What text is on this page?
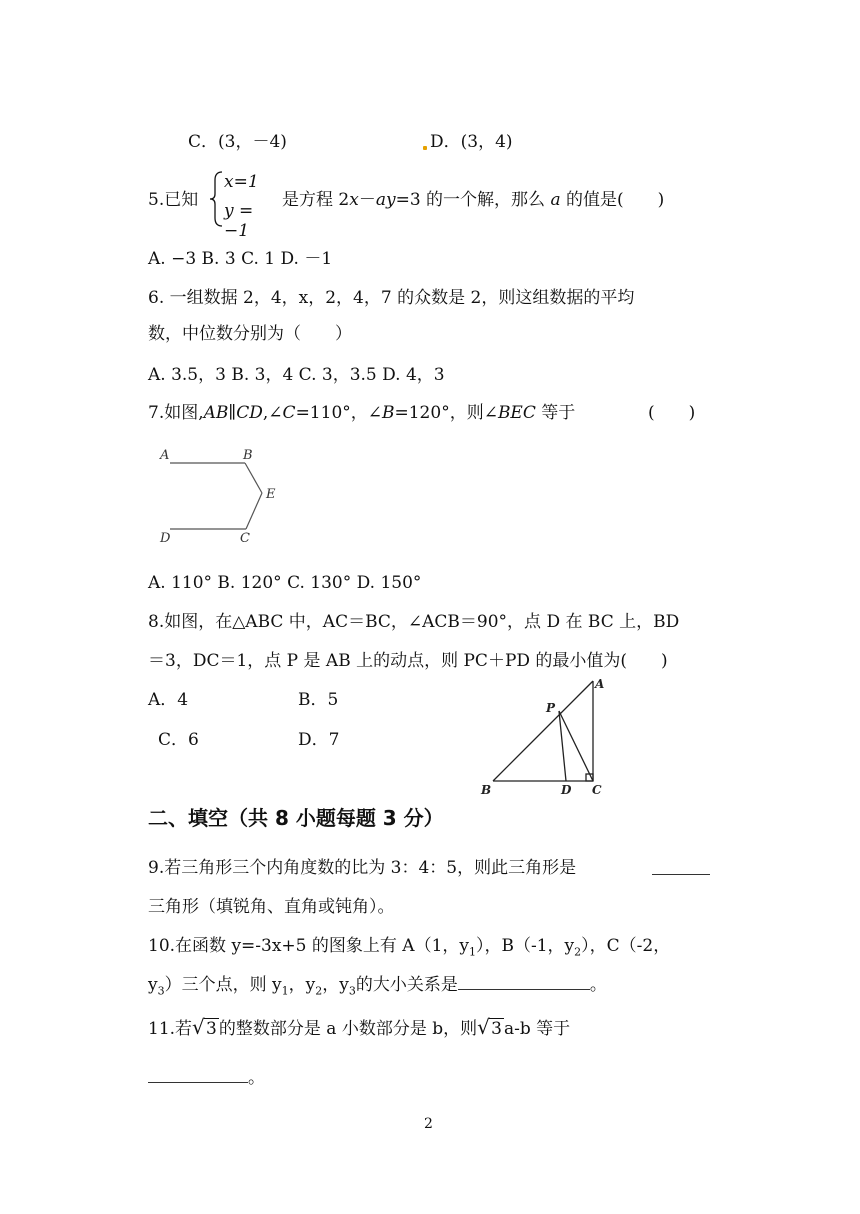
C．(3，－4)	D．(3，4)
5.已知
x=1
y = −1
是方程 2x－ay=3 的一个解，那么 a 的值是(　　)
A. −3 B. 3 C. 1 D. －1
6. 一组数据 2，4，x，2，4，7 的众数是 2，则这组数据的平均
数，中位数分别为（　　）
A. 3.5，3 B. 3，4 C. 3，3.5 D. 4，3
7.如图,AB∥CD,∠C=110°，∠B=120°，则∠BEC 等于	(　　)
A	B
E
D	C
A. 110° B. 120° C. 130° D. 150°
8.如图，在△ABC 中，AC＝BC，∠ACB＝90°，点 D 在 BC 上，BD
＝3，DC＝1，点 P 是 AB 上的动点，则 PC＋PD 的最小值为(　　)
A．4	B．5
C．6	D．7
A
P
B	D C
二、填空（共 8 小题每题 3 分）
9.若三角形三个内角度数的比为 3：4：5，则此三角形是
三角形（填锐角、直角或钝角）。
10.在函数 y=-3x+5 的图象上有 A（1，$y_1$），B（-1，$y_2$），C（-2，
$y_3$）三个点，则 $y_1$，$y_2$，$y_3$的大小关系是	。
11.若 √ 3 的整数部分是 a 小数部分是 b，则 √ 3 a-b 等于
。
2
